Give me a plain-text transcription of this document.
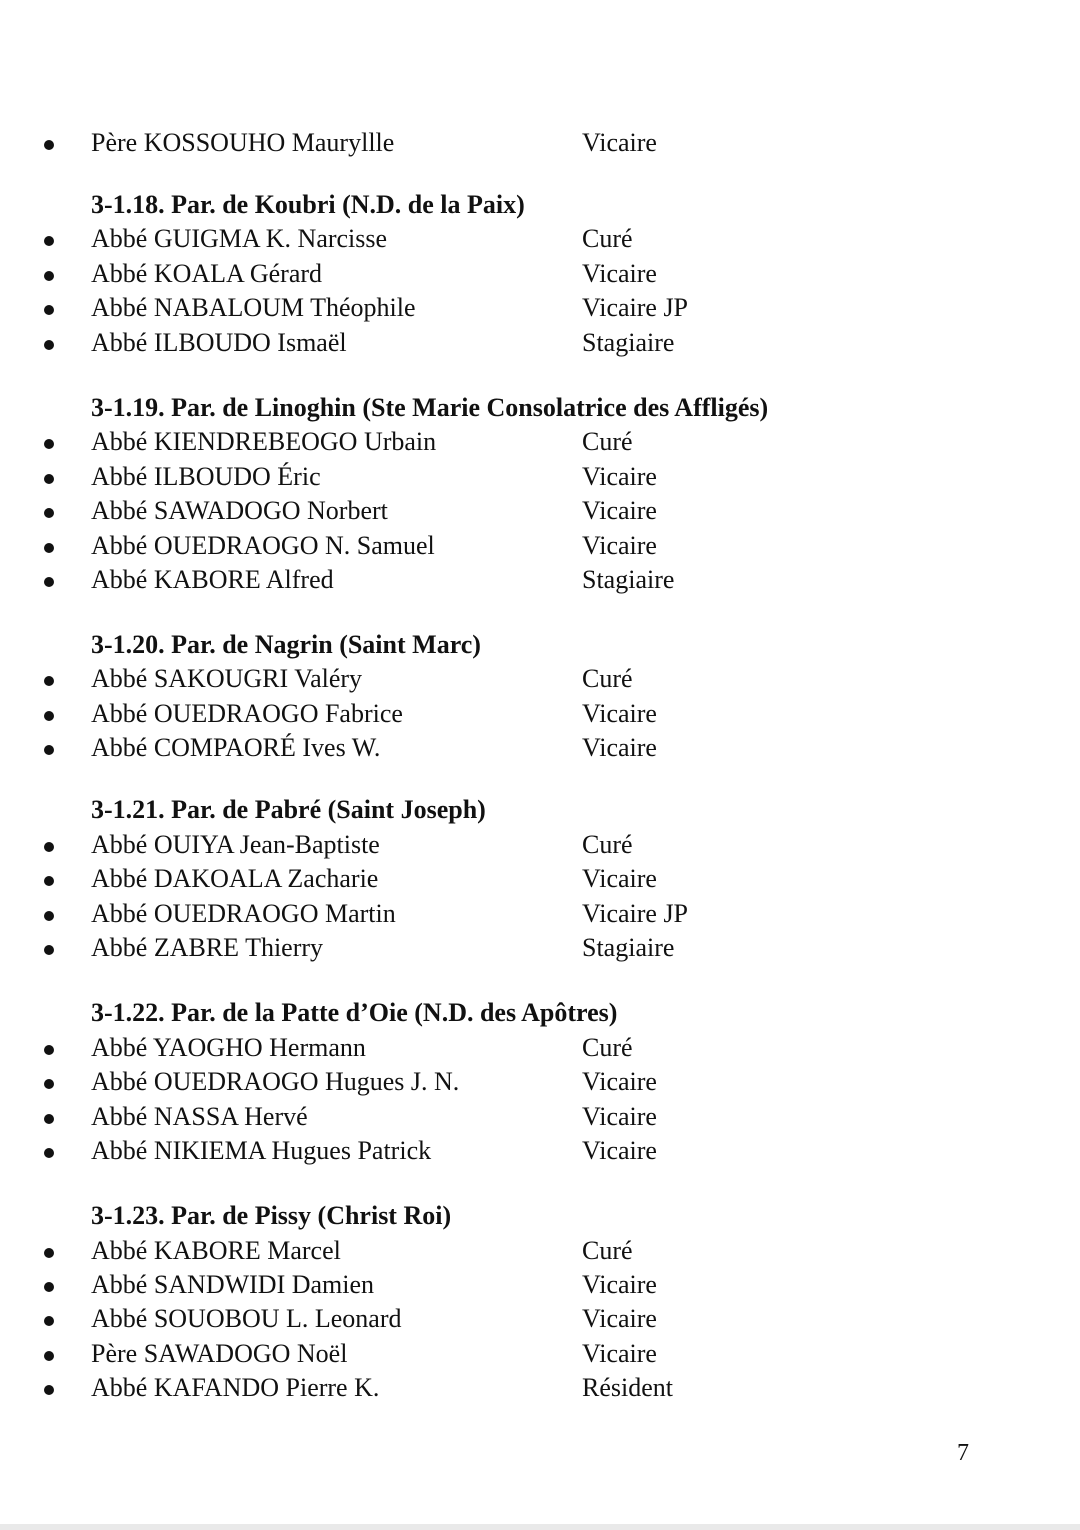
Père KOSSOUHO Mauryllle	Vicaire
3-1.18. Par. de Koubri (N.D. de la Paix)
Abbé GUIGMA K. Narcisse	Curé
Abbé KOALA Gérard	Vicaire
Abbé NABALOUM Théophile	Vicaire JP
Abbé ILBOUDO Ismaël	Stagiaire
3-1.19. Par. de Linoghin (Ste Marie Consolatrice des Affligés)
Abbé KIENDREBEOGO Urbain	Curé
Abbé ILBOUDO Éric	Vicaire
Abbé SAWADOGO Norbert	Vicaire
Abbé OUEDRAOGO N. Samuel	Vicaire
Abbé KABORE Alfred	Stagiaire
3-1.20. Par. de Nagrin (Saint Marc)
Abbé SAKOUGRI Valéry	Curé
Abbé OUEDRAOGO Fabrice	Vicaire
Abbé COMPAORÉ Ives W.	Vicaire
3-1.21. Par. de Pabré (Saint Joseph)
Abbé OUIYA Jean-Baptiste	Curé
Abbé DAKOALA Zacharie	Vicaire
Abbé OUEDRAOGO Martin	Vicaire JP
Abbé ZABRE Thierry	Stagiaire
3-1.22. Par. de la Patte d’Oie (N.D. des Apôtres)
Abbé YAOGHO Hermann	Curé
Abbé OUEDRAOGO Hugues J. N.	Vicaire
Abbé NASSA Hervé	Vicaire
Abbé NIKIEMA Hugues Patrick	Vicaire
3-1.23. Par. de Pissy (Christ Roi)
Abbé KABORE Marcel	Curé
Abbé SANDWIDI Damien	Vicaire
Abbé SOUOBOU L. Leonard	Vicaire
Père SAWADOGO Noël	Vicaire
Abbé KAFANDO Pierre K.	Résident
7
